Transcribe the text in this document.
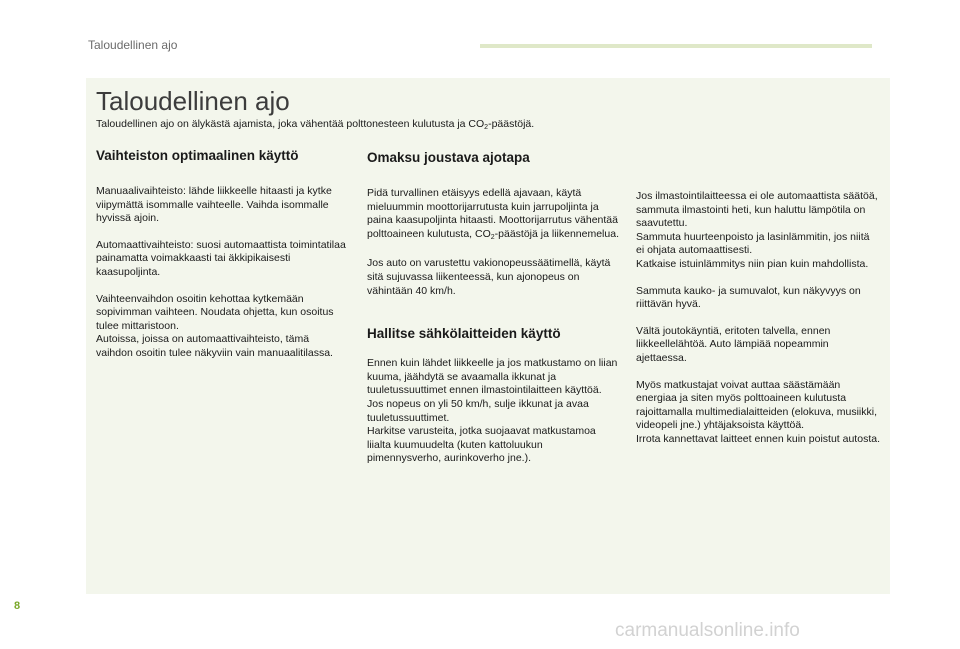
Taloudellinen ajo
Taloudellinen ajo

Taloudellinen ajo on älykästä ajamista, joka vähentää polttonesteen kulutusta ja $CO_2$-päästöjä.

Vaihteiston optimaalinen käyttö

Manuaalivaihteisto: lähde liikkeelle hitaasti ja kytke viipymättä isommalle vaihteelle. Vaihda isommalle hyvissä ajoin.

Automaattivaihteisto: suosi automaattista toimintatilaa painamatta voimakkaasti tai äkkipikaisesti kaasupoljinta.

Vaihteenvaihdon osoitin kehottaa kytkemään sopivimman vaihteen. Noudata ohjetta, kun osoitus tulee mittaristoon.
Autoissa, joissa on automaattivaihteisto, tämä vaihdon osoitin tulee näkyviin vain manuaalitilassa.

Omaksu joustava ajotapa

Pidä turvallinen etäisyys edellä ajavaan, käytä mieluummin moottorijarrutusta kuin jarrupoljinta ja paina kaasupoljinta hitaasti. Moottorijarrutus vähentää polttoaineen kulutusta, $CO_2$-päästöjä ja liikennemelua.

Jos auto on varustettu vakionopeussäätimellä, käytä sitä sujuvassa liikenteessä, kun ajonopeus on vähintään 40 km/h.

Hallitse sähkölaitteiden käyttö

Ennen kuin lähdet liikkeelle ja jos matkustamo on liian kuuma, jäähdytä se avaamalla ikkunat ja tuuletussuuttimet ennen ilmastointilaitteen käyttöä.
Jos nopeus on yli 50 km/h, sulje ikkunat ja avaa tuuletussuuttimet.
Harkitse varusteita, jotka suojaavat matkustamoa liialta kuumuudelta (kuten kattoluukun pimennysverho, aurinkoverho jne.).

Jos ilmastointilaitteessa ei ole automaattista säätöä, sammuta ilmastointi heti, kun haluttu lämpötila on saavutettu.
Sammuta huurteenpoisto ja lasinlämmitin, jos niitä ei ohjata automaattisesti.
Katkaise istuinlämmitys niin pian kuin mahdollista.

Sammuta kauko- ja sumuvalot, kun näkyvyys on riittävän hyvä.

Vältä joutokäyntiä, eritoten talvella, ennen liikkeellelähtöä. Auto lämpiää nopeammin ajettaessa.

Myös matkustajat voivat auttaa säästämään energiaa ja siten myös polttoaineen kulutusta rajoittamalla multimedialaitteiden (elokuva, musiikki, videopeli jne.) yhtäjaksoista käyttöä.
Irrota kannettavat laitteet ennen kuin poistut autosta.

8
carmanualsonline.info
